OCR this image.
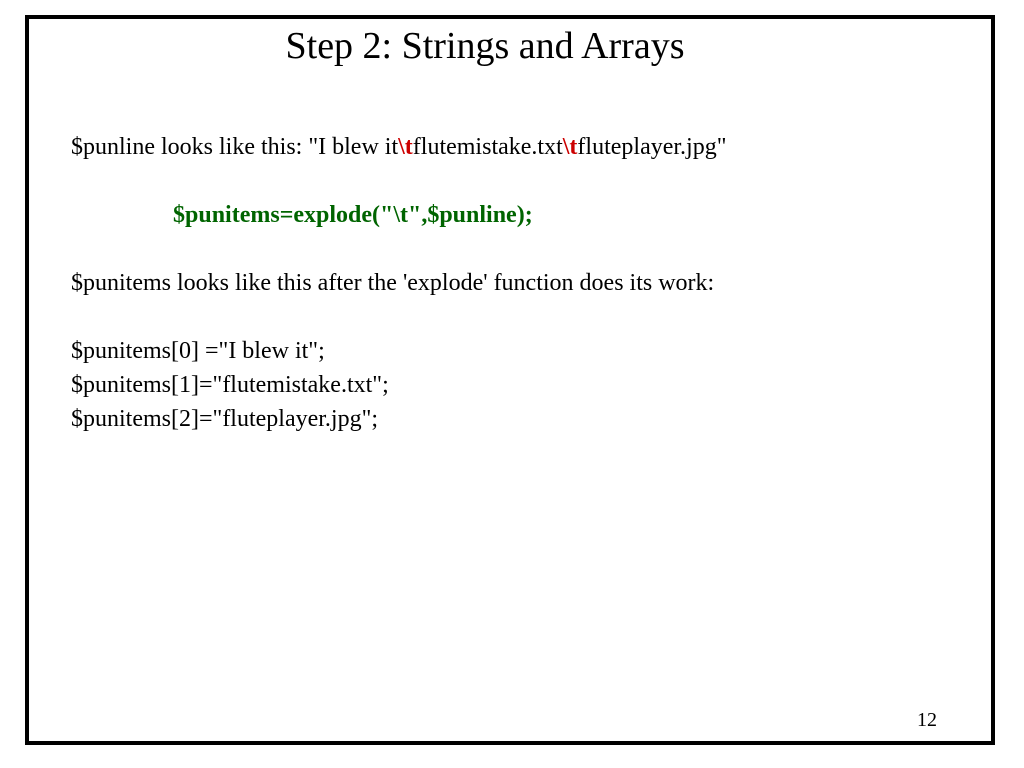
Step 2: Strings and Arrays
$punline looks like this: "I blew it\tflutemistake.txt\tfluteplayer.jpg"
$punitems=explode("\t",$punline);
$punitems looks like this after the 'explode' function does its work:
$punitems[0] ="I blew it";
$punitems[1]="flutemistake.txt";
$punitems[2]="fluteplayer.jpg";
12
